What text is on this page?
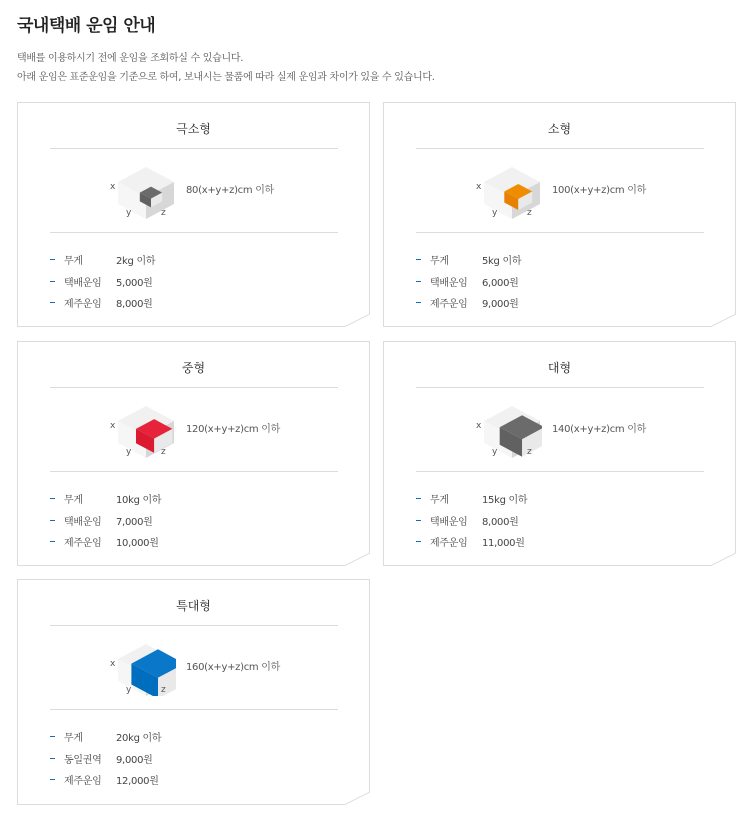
국내택배 운임 안내
택배를 이용하시기 전에 운임을 조회하실 수 있습니다.
아래 운임은 표준운임을 기준으로 하여, 보내시는 물품에 따라 실제 운임과 차이가 있을 수 있습니다.
극소형
x
y	z
80(x+y+z)cm 이하
무게	2kg 이하
택배운임	5,000원
제주운임	8,000원
소형
x
y	z
100(x+y+z)cm 이하
무게	5kg 이하
택배운임	6,000원
제주운임	9,000원
중형
x
y	z
120(x+y+z)cm 이하
무게	10kg 이하
택배운임	7,000원
제주운임	10,000원
대형
x
y	z
140(x+y+z)cm 이하
무게	15kg 이하
택배운임	8,000원
제주운임	11,000원
특대형
x
y	z
160(x+y+z)cm 이하
무게	20kg 이하
동일권역	9,000원
제주운임	12,000원
